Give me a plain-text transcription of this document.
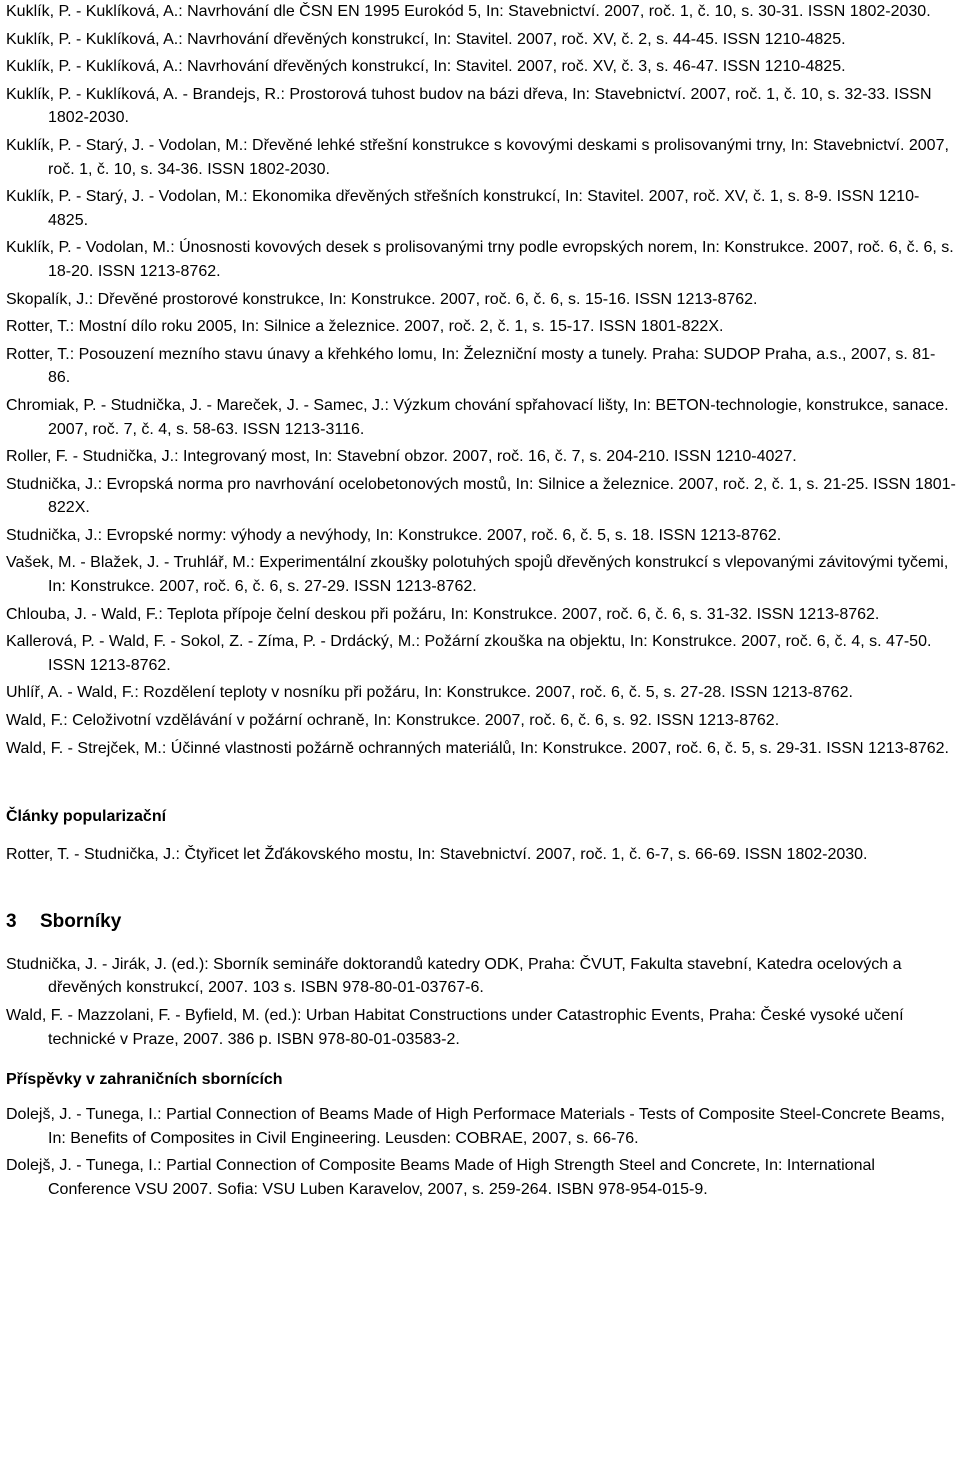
Kuklík, P. - Kuklíková, A.: Navrhování dle ČSN EN 1995 Eurokód 5, In: Stavebnictví. 2007, roč. 1, č. 10, s. 30-31. ISSN 1802-2030.

Kuklík, P. - Kuklíková, A.: Navrhování dřevěných konstrukcí, In: Stavitel. 2007, roč. XV, č. 2, s. 44-45. ISSN 1210-4825.

Kuklík, P. - Kuklíková, A.: Navrhování dřevěných konstrukcí, In: Stavitel. 2007, roč. XV, č. 3, s. 46-47. ISSN 1210-4825.

Kuklík, P. - Kuklíková, A. - Brandejs, R.: Prostorová tuhost budov na bázi dřeva, In: Stavebnictví. 2007, roč. 1, č. 10, s. 32-33. ISSN 1802-2030.

Kuklík, P. - Starý, J. - Vodolan, M.: Dřevěné lehké střešní konstrukce s kovovými deskami s prolisovanými trny, In: Stavebnictví. 2007, roč. 1, č. 10, s. 34-36. ISSN 1802-2030.

Kuklík, P. - Starý, J. - Vodolan, M.: Ekonomika dřevěných střešních konstrukcí, In: Stavitel. 2007, roč. XV, č. 1, s. 8-9. ISSN 1210-4825.

Kuklík, P. - Vodolan, M.: Únosnosti kovových desek s prolisovanými trny podle evropských norem, In: Konstrukce. 2007, roč. 6, č. 6, s. 18-20. ISSN 1213-8762.

Skopalík, J.: Dřevěné prostorové konstrukce, In: Konstrukce. 2007, roč. 6, č. 6, s. 15-16. ISSN 1213-8762.

Rotter, T.: Mostní dílo roku 2005, In: Silnice a železnice. 2007, roč. 2, č. 1, s. 15-17. ISSN 1801-822X.

Rotter, T.: Posouzení mezního stavu únavy a křehkého lomu, In: Železniční mosty a tunely. Praha: SUDOP Praha, a.s., 2007, s. 81-86.

Chromiak, P. - Studnička, J. - Mareček, J. - Samec, J.: Výzkum chování spřahovací lišty, In: BETON-technologie, konstrukce, sanace. 2007, roč. 7, č. 4, s. 58-63. ISSN 1213-3116.

Roller, F. - Studnička, J.: Integrovaný most, In: Stavební obzor. 2007, roč. 16, č. 7, s. 204-210. ISSN 1210-4027.

Studnička, J.: Evropská norma pro navrhování ocelobetonových mostů, In: Silnice a železnice. 2007, roč. 2, č. 1, s. 21-25. ISSN 1801-822X.

Studnička, J.: Evropské normy: výhody a nevýhody, In: Konstrukce. 2007, roč. 6, č. 5, s. 18. ISSN 1213-8762.

Vašek, M. - Blažek, J. - Truhlář, M.: Experimentální zkoušky polotuhých spojů dřevěných konstrukcí s vlepovanými závitovými tyčemi, In: Konstrukce. 2007, roč. 6, č. 6, s. 27-29. ISSN 1213-8762.

Chlouba, J. - Wald, F.: Teplota přípoje čelní deskou při požáru, In: Konstrukce. 2007, roč. 6, č. 6, s. 31-32. ISSN 1213-8762.

Kallerová, P. - Wald, F. - Sokol, Z. - Zíma, P. - Drdácký, M.: Požární zkouška na objektu, In: Konstrukce. 2007, roč. 6, č. 4, s. 47-50. ISSN 1213-8762.

Uhlíř, A. - Wald, F.: Rozdělení teploty v nosníku při požáru, In: Konstrukce. 2007, roč. 6, č. 5, s. 27-28. ISSN 1213-8762.

Wald, F.: Celoživotní vzdělávání v požární ochraně, In: Konstrukce. 2007, roč. 6, č. 6, s. 92. ISSN 1213-8762.

Wald, F. - Strejček, M.: Účinné vlastnosti požárně ochranných materiálů, In: Konstrukce. 2007, roč. 6, č. 5, s. 29-31. ISSN 1213-8762.

Články popularizační

Rotter, T. - Studnička, J.: Čtyřicet let Žďákovského mostu, In: Stavebnictví. 2007, roč. 1, č. 6-7, s. 66-69. ISSN 1802-2030.

3 Sborníky

Studnička, J. - Jirák, J. (ed.): Sborník semináře doktorandů katedry ODK, Praha: ČVUT, Fakulta stavební, Katedra ocelových a dřevěných konstrukcí, 2007. 103 s. ISBN 978-80-01-03767-6.

Wald, F. - Mazzolani, F. - Byfield, M. (ed.): Urban Habitat Constructions under Catastrophic Events, Praha: České vysoké učení technické v Praze, 2007. 386 p. ISBN 978-80-01-03583-2.

Příspěvky v zahraničních sbornících

Dolejš, J. - Tunega, I.: Partial Connection of Beams Made of High Performace Materials - Tests of Composite Steel-Concrete Beams, In: Benefits of Composites in Civil Engineering. Leusden: COBRAE, 2007, s. 66-76.

Dolejš, J. - Tunega, I.: Partial Connection of Composite Beams Made of High Strength Steel and Concrete, In: International Conference VSU 2007. Sofia: VSU Luben Karavelov, 2007, s. 259-264. ISBN 978-954-015-9.
